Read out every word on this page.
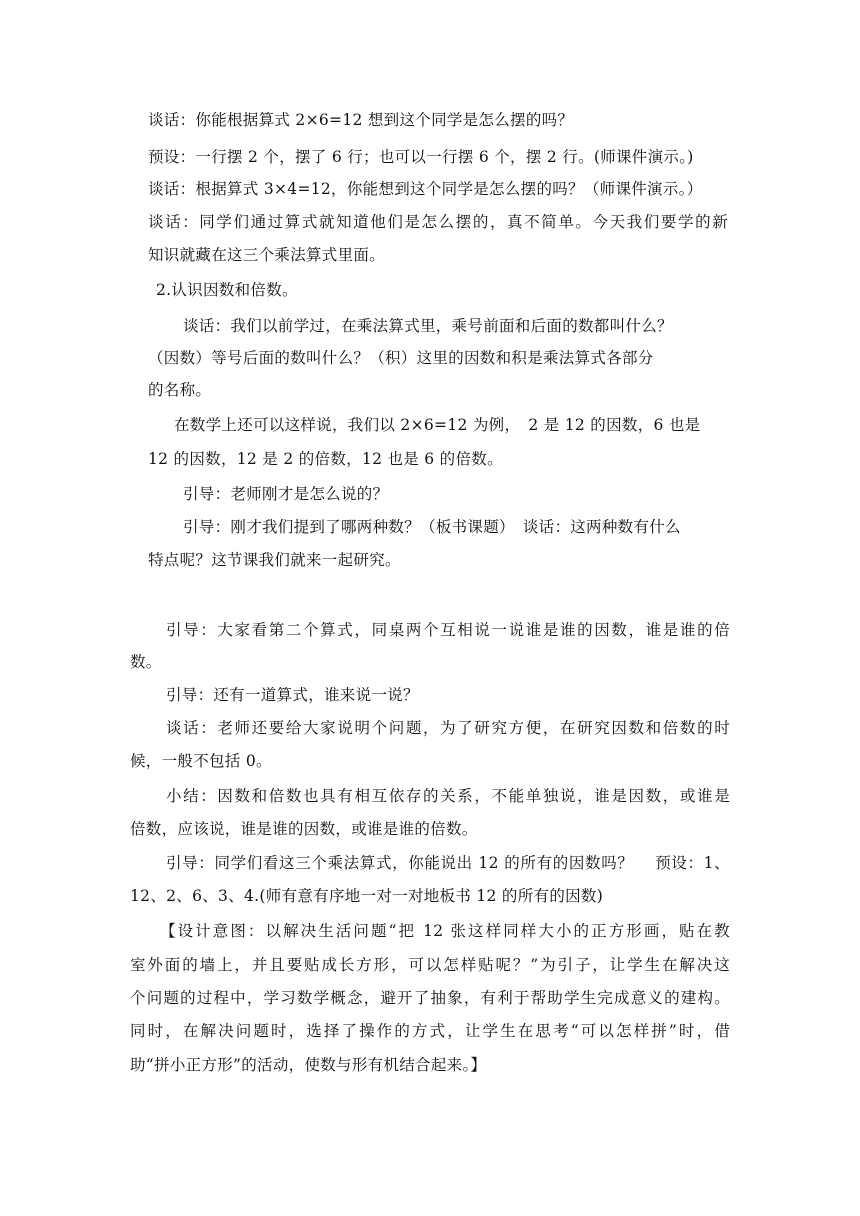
谈话：你能根据算式 2×6=12 想到这个同学是怎么摆的吗？
预设：一行摆 2 个，摆了 6 行；也可以一行摆 6 个，摆 2 行。(师课件演示。)
谈话：根据算式 3×4=12，你能想到这个同学是怎么摆的吗？（师课件演示。）
谈话：同学们通过算式就知道他们是怎么摆的，真不简单。今天我们要学的新
知识就藏在这三个乘法算式里面。
2.认识因数和倍数。
谈话：我们以前学过，在乘法算式里，乘号前面和后面的数都叫什么？
（因数）等号后面的数叫什么？（积）这里的因数和积是乘法算式各部分
的名称。
在数学上还可以这样说，我们以 2×6=12 为例，　2 是 12 的因数，6 也是
12 的因数，12 是 2 的倍数，12 也是 6 的倍数。
引导：老师刚才是怎么说的？
引导：刚才我们提到了哪两种数？（板书课题）　谈话：这两种数有什么
特点呢？这节课我们就来一起研究。
引导：大家看第二个算式，同桌两个互相说一说谁是谁的因数，谁是谁的倍
数。
引导：还有一道算式，谁来说一说？
谈话：老师还要给大家说明个问题，为了研究方便，在研究因数和倍数的时
候，一般不包括 0。
小结：因数和倍数也具有相互依存的关系，不能单独说，谁是因数，或谁是
倍数，应该说，谁是谁的因数，或谁是谁的倍数。
引导：同学们看这三个乘法算式，你能说出 12 的所有的因数吗？　 预设：1、
12、2、6、3、4.(师有意有序地一对一对地板书 12 的所有的因数)
【设计意图：以解决生活问题“把 12 张这样同样大小的正方形画，贴在教
室外面的墙上，并且要贴成长方形，可以怎样贴呢？”为引子，让学生在解决这
个问题的过程中，学习数学概念，避开了抽象，有利于帮助学生完成意义的建构。
同时，在解决问题时，选择了操作的方式，让学生在思考“可以怎样拼”时，借
助“拼小正方形”的活动，使数与形有机结合起来。】
